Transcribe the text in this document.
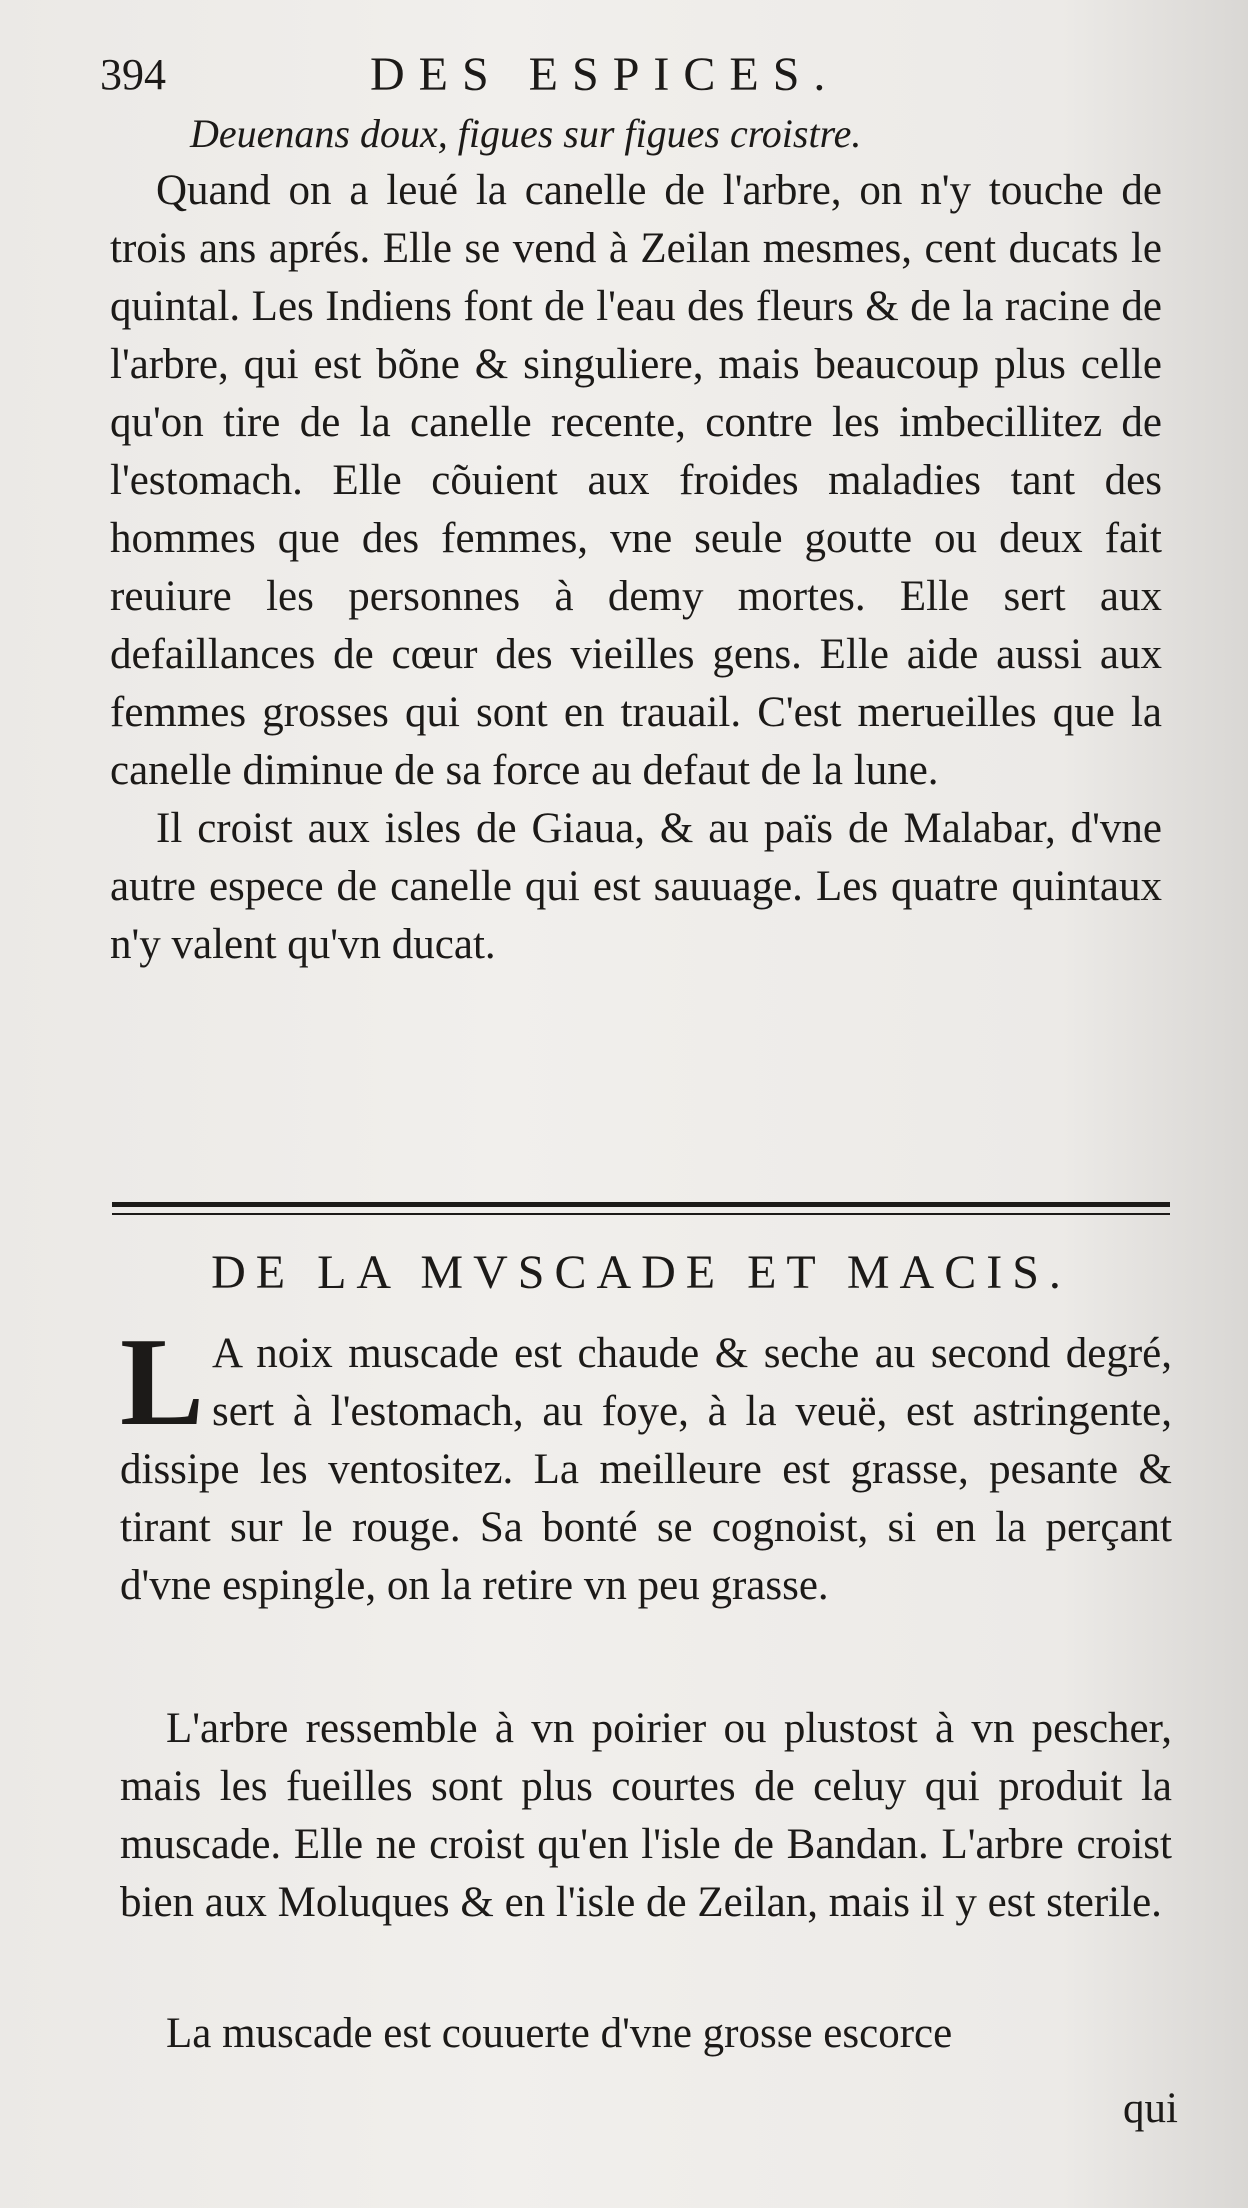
394	DES ESPICES.
Deuenans doux, figues sur figues croistre.

Quand on a leué la canelle de l'arbre, on n'y touche de trois ans aprés. Elle se vend à Zeilan mesmes, cent ducats le quintal. Les Indiens font de l'eau des fleurs & de la racine de l'arbre, qui est bõne & singuliere, mais beaucoup plus celle qu'on tire de la canelle recente, contre les imbecillitez de l'estomach. Elle cõuient aux froides maladies tant des hommes que des femmes, vne seule goutte ou deux fait reuiure les personnes à demy mortes. Elle sert aux defaillances de cœur des vieilles gens. Elle aide aussi aux femmes grosses qui sont en trauail. C'est merueilles que la canelle diminue de sa force au defaut de la lune.

Il croist aux isles de Giaua, & au païs de Malabar, d'vne autre espece de canelle qui est sauuage. Les quatre quintaux n'y valent qu'vn ducat.

DE LA MVSCADE ET MACIS.
L A noix muscade est chaude & seche au second degré, sert à l'estomach, au foye, à la veuë, est astringente, dissipe les ventositez. La meilleure est grasse, pesante & tirant sur le rouge. Sa bonté se cognoist, si en la perçant d'vne espingle, on la retire vn peu grasse.

L'arbre ressemble à vn poirier ou plustost à vn pescher, mais les fueilles sont plus courtes de celuy qui produit la muscade. Elle ne croist qu'en l'isle de Bandan. L'arbre croist bien aux Moluques & en l'isle de Zeilan, mais il y est sterile.

La muscade est couuerte d'vne grosse escorce

qui
